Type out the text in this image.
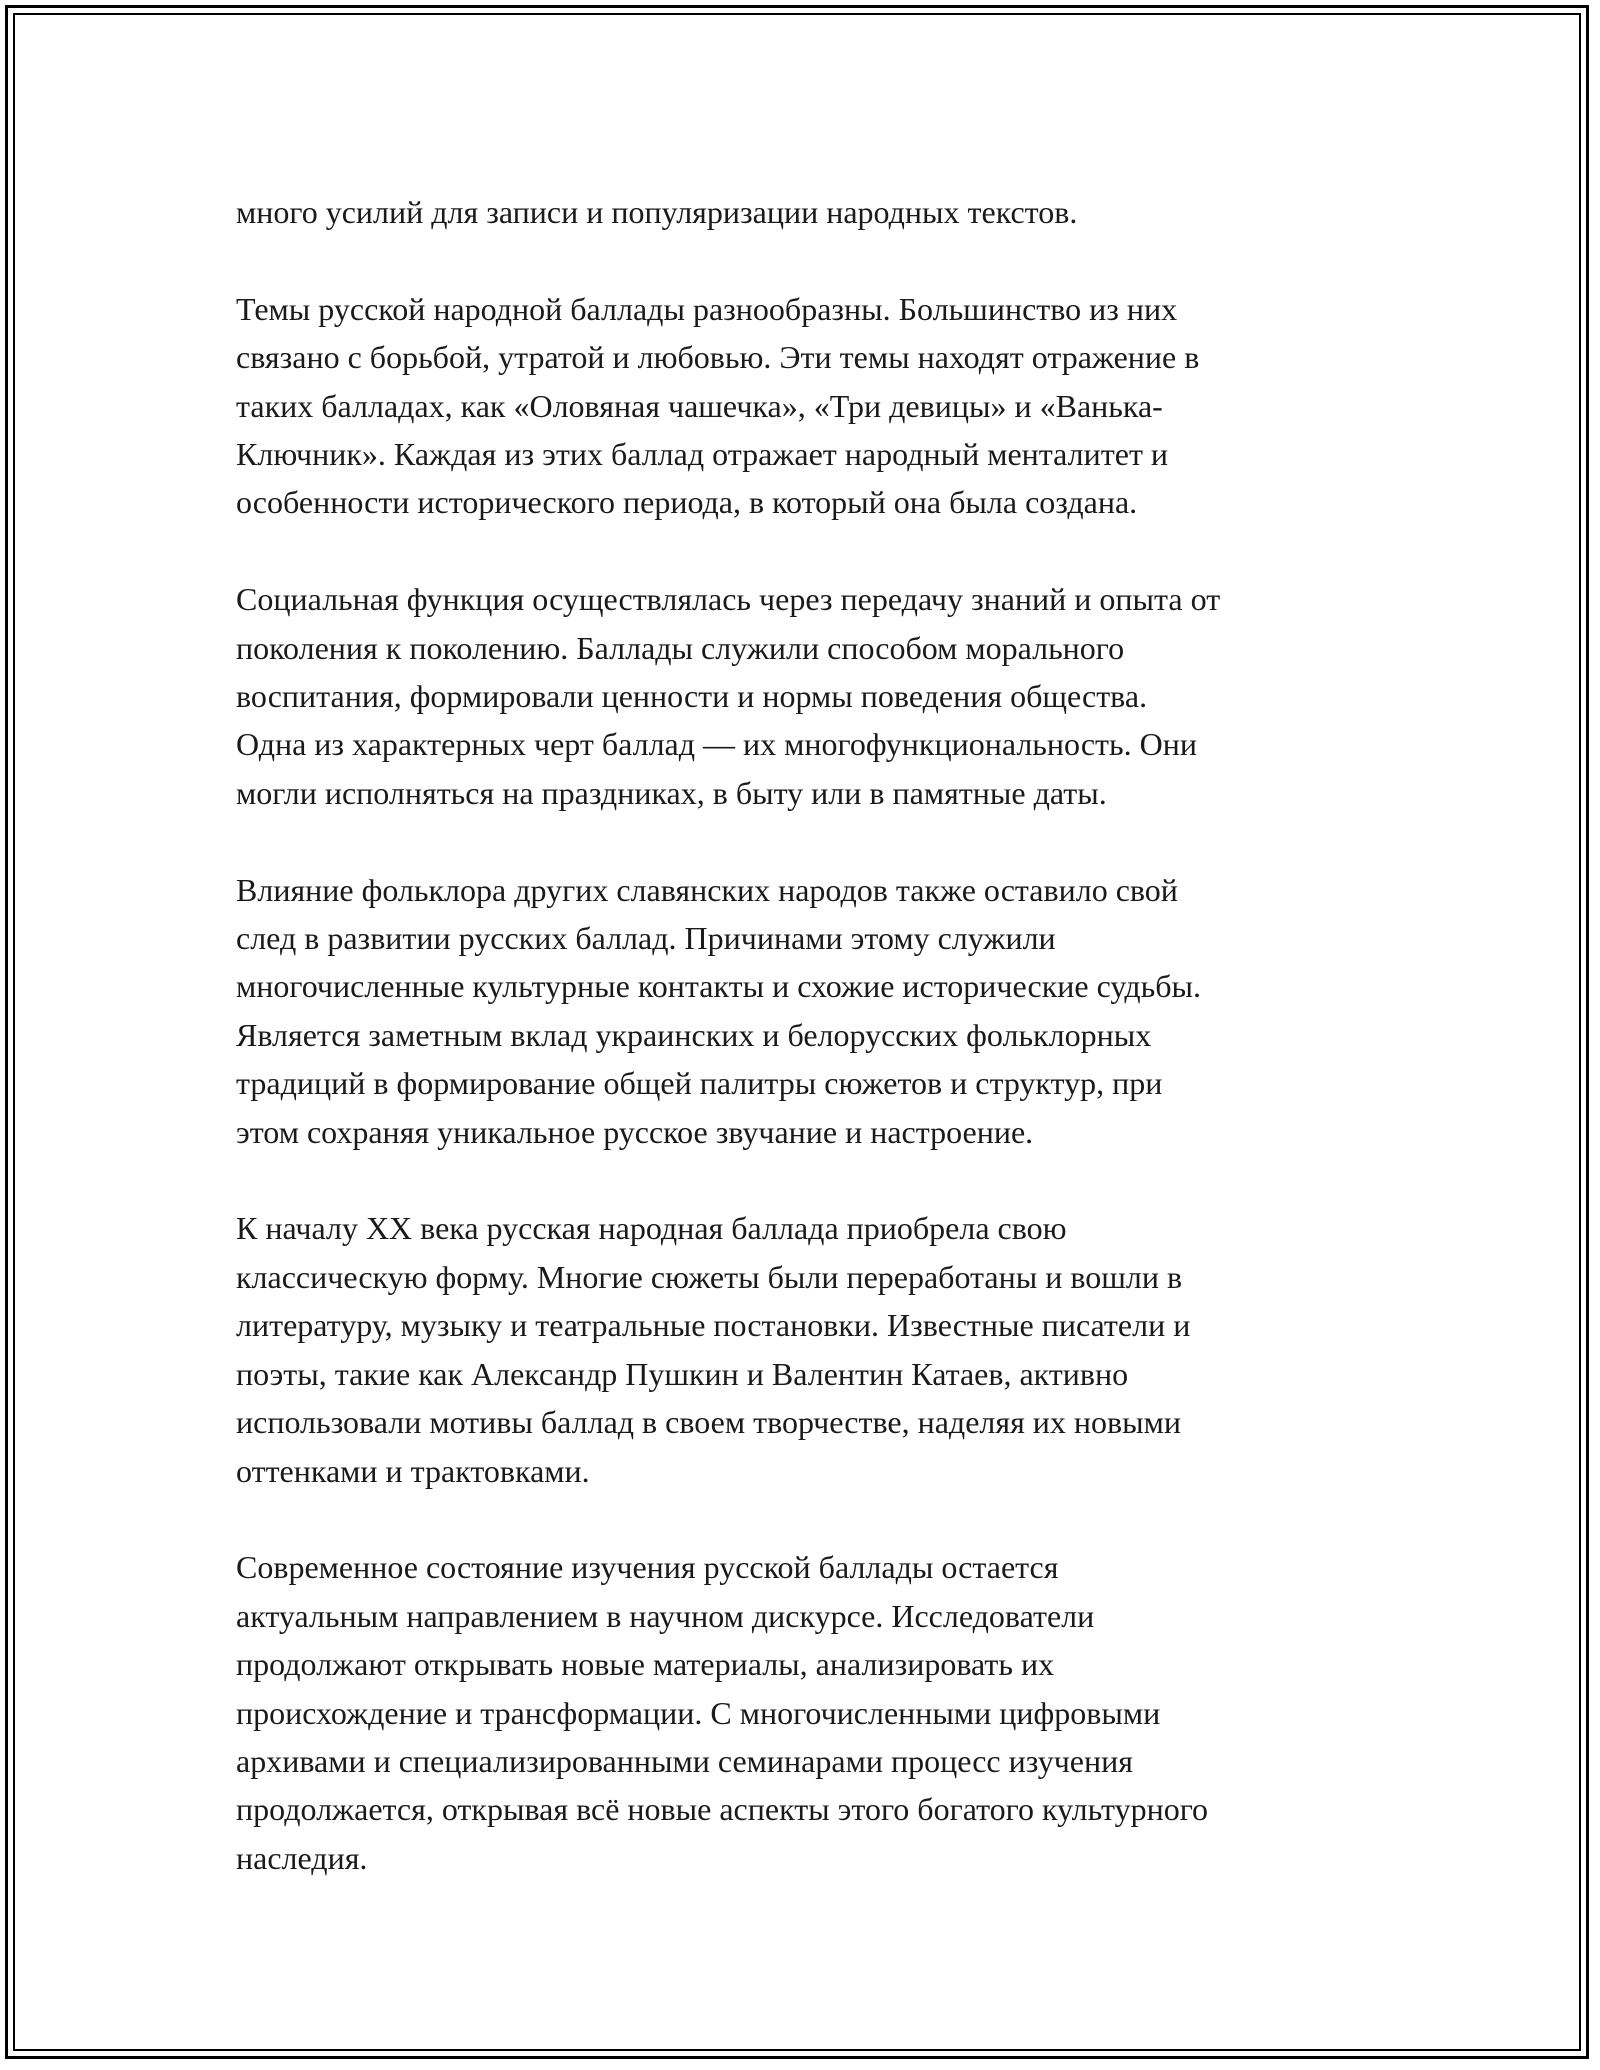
много усилий для записи и популяризации народных текстов.

Темы русской народной баллады разнообразны. Большинство из них
связано с борьбой, утратой и любовью. Эти темы находят отражение в
таких балладах, как «Оловяная чашечка», «Три девицы» и «Ванька-
Ключник». Каждая из этих баллад отражает народный менталитет и
особенности исторического периода, в который она была создана.

Социальная функция осуществлялась через передачу знаний и опыта от
поколения к поколению. Баллады служили способом морального
воспитания, формировали ценности и нормы поведения общества.
Одна из характерных черт баллад — их многофункциональность. Они
могли исполняться на праздниках, в быту или в памятные даты.

Влияние фольклора других славянских народов также оставило свой
след в развитии русских баллад. Причинами этому служили
многочисленные культурные контакты и схожие исторические судьбы.
Является заметным вклад украинских и белорусских фольклорных
традиций в формирование общей палитры сюжетов и структур, при
этом сохраняя уникальное русское звучание и настроение.

К началу XX века русская народная баллада приобрела свою
классическую форму. Многие сюжеты были переработаны и вошли в
литературу, музыку и театральные постановки. Известные писатели и
поэты, такие как Александр Пушкин и Валентин Катаев, активно
использовали мотивы баллад в своем творчестве, наделяя их новыми
оттенками и трактовками.

Современное состояние изучения русской баллады остается
актуальным направлением в научном дискурсе. Исследователи
продолжают открывать новые материалы, анализировать их
происхождение и трансформации. С многочисленными цифровыми
архивами и специализированными семинарами процесс изучения
продолжается, открывая всё новые аспекты этого богатого культурного
наследия.
